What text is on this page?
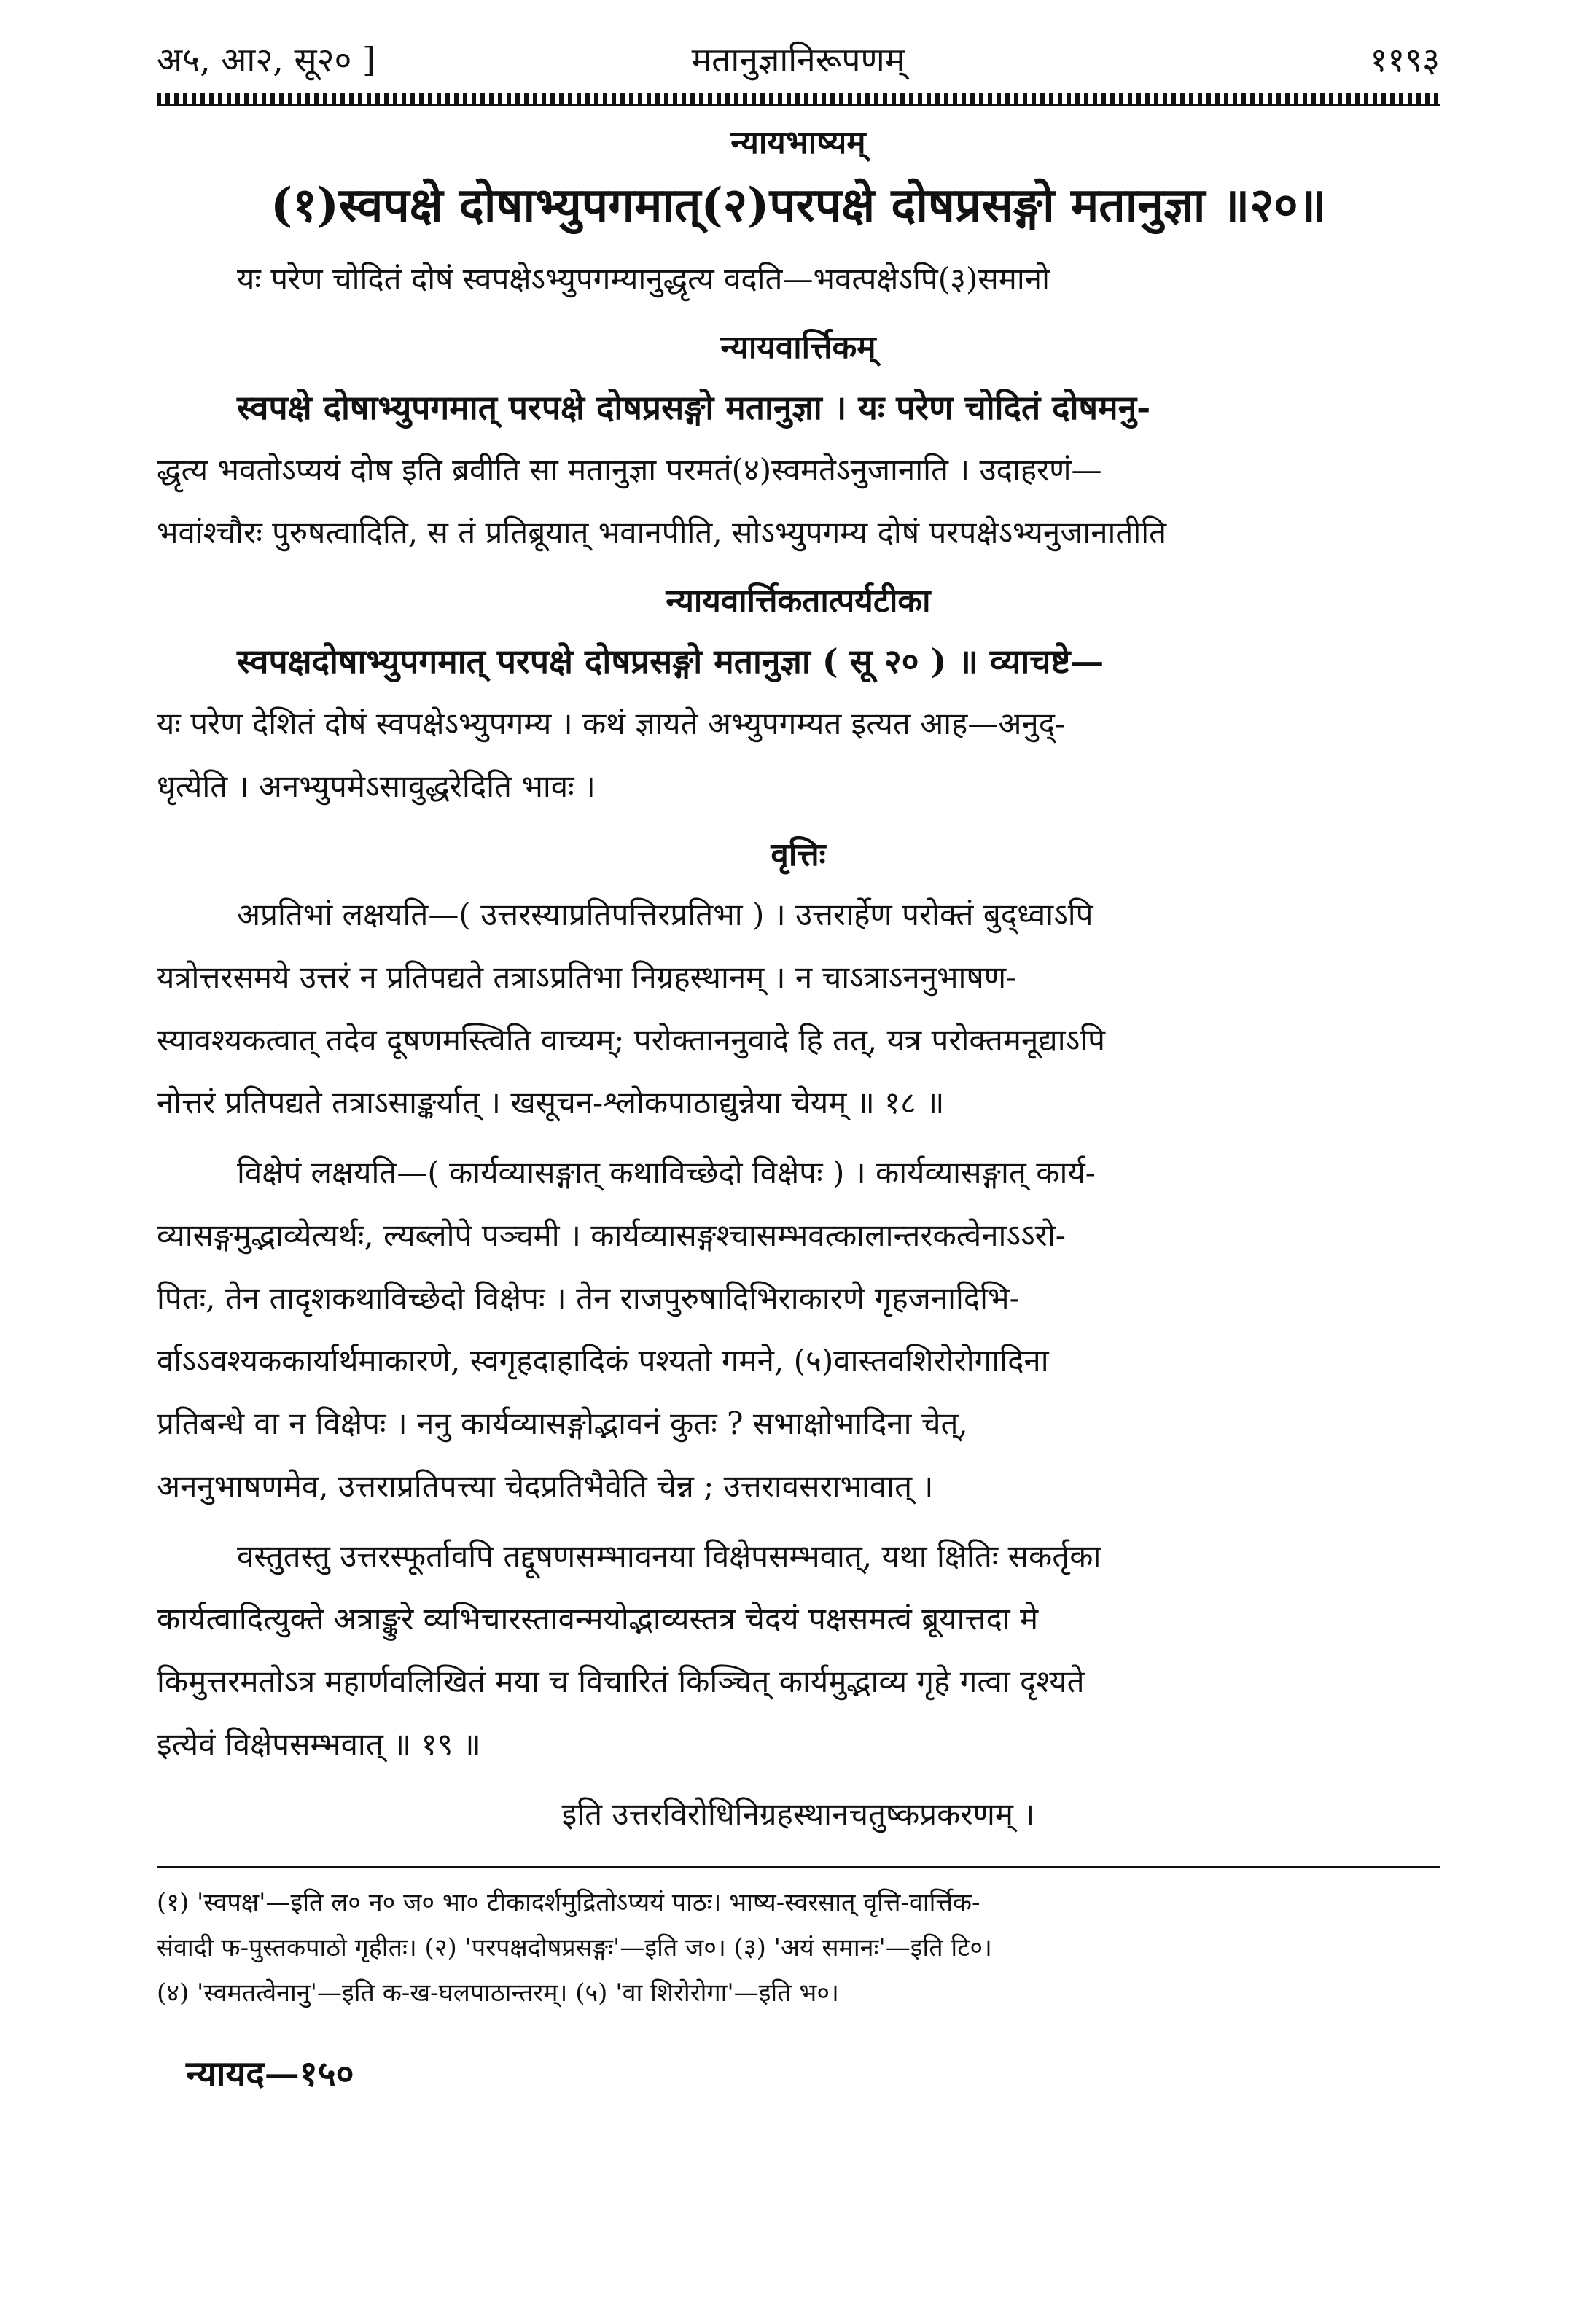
अ५, आ२, सू२० ]	मतानुज्ञानिरूपणम्	११९३
न्यायभाष्यम्
(१)स्वपक्षे दोषाभ्युपगमात्(२)परपक्षे दोषप्रसङ्गो मतानुज्ञा ॥२०॥

यः परेण चोदितं दोषं स्वपक्षेऽभ्युपगम्यानुद्धृत्य वदति—भवत्पक्षेऽपि(३)समानो

न्यायवार्त्तिकम्

स्वपक्षे दोषाभ्युपगमात् परपक्षे दोषप्रसङ्गो मतानुज्ञा । यः परेण चोदितं दोषमनु-

द्धृत्य भवतोऽप्ययं दोष इति ब्रवीति सा मतानुज्ञा परमतं(४)स्वमतेऽनुजानाति । उदाहरणं—

भवांश्चौरः पुरुषत्वादिति, स तं प्रतिब्रूयात् भवानपीति, सोऽभ्युपगम्य दोषं परपक्षेऽभ्यनुजानातीति

न्यायवार्त्तिकतात्पर्यटीका

स्वपक्षदोषाभ्युपगमात् परपक्षे दोषप्रसङ्गो मतानुज्ञा ( सू २० ) ॥ व्याचष्टे—

यः परेण देशितं दोषं स्वपक्षेऽभ्युपगम्य । कथं ज्ञायते अभ्युपगम्यत इत्यत आह—अनुद्-

धृत्येति । अनभ्युपमेऽसावुद्धरेदिति भावः ।

वृत्तिः

अप्रतिभां लक्षयति—( उत्तरस्याप्रतिपत्तिरप्रतिभा ) । उत्तरार्हेण परोक्तं बुद्ध्वाऽपि

यत्रोत्तरसमये उत्तरं न प्रतिपद्यते तत्राऽप्रतिभा निग्रहस्थानम् । न चाऽत्राऽननुभाषण-

स्यावश्यकत्वात् तदेव दूषणमस्त्विति वाच्यम्; परोक्ताननुवादे हि तत्, यत्र परोक्तमनूद्याऽपि

नोत्तरं प्रतिपद्यते तत्राऽसाङ्कर्यात् । खसूचन-श्लोकपाठाद्युन्नेया चेयम् ॥ १८ ॥

विक्षेपं लक्षयति—( कार्यव्यासङ्गात् कथाविच्छेदो विक्षेपः ) । कार्यव्यासङ्गात् कार्य-

व्यासङ्गमुद्भाव्येत्यर्थः, ल्यब्लोपे पञ्चमी । कार्यव्यासङ्गश्चासम्भवत्कालान्तरकत्वेनाऽऽरो-

पितः, तेन तादृशकथाविच्छेदो विक्षेपः । तेन राजपुरुषादिभिराकारणे गृहजनादिभि-

र्वाऽऽवश्यककार्यार्थमाकारणे, स्वगृहदाहादिकं पश्यतो गमने, (५)वास्तवशिरोरोगादिना

प्रतिबन्धे वा न विक्षेपः । ननु कार्यव्यासङ्गोद्भावनं कुतः ? सभाक्षोभादिना चेत्,

अननुभाषणमेव, उत्तराप्रतिपत्त्या चेदप्रतिभैवेति चेन्न ; उत्तरावसराभावात् ।

वस्तुतस्तु उत्तरस्फूर्तावपि तद्दूषणसम्भावनया विक्षेपसम्भवात्, यथा क्षितिः सकर्तृका

कार्यत्वादित्युक्ते अत्राङ्कुरे व्यभिचारस्तावन्मयोद्भाव्यस्तत्र चेदयं पक्षसमत्वं ब्रूयात्तदा मे

किमुत्तरमतोऽत्र महार्णवलिखितं मया च विचारितं किञ्चित् कार्यमुद्भाव्य गृहे गत्वा दृश्यते

इत्येवं विक्षेपसम्भवात् ॥ १९ ॥

इति उत्तरविरोधिनिग्रहस्थानचतुष्कप्रकरणम् ।

(१) 'स्वपक्ष'—इति ल० न० ज० भा० टीकादर्शमुद्रितोऽप्ययं पाठः। भाष्य-स्वरसात् वृत्ति-वार्त्तिक-

संवादी फ-पुस्तकपाठो गृहीतः। (२) 'परपक्षदोषप्रसङ्गः'—इति ज०। (३) 'अयं समानः'—इति टि०।

(४) 'स्वमतत्वेनानु'—इति क-ख-घलपाठान्तरम्। (५) 'वा शिरोरोगा'—इति भ०।

न्यायद—१५०
